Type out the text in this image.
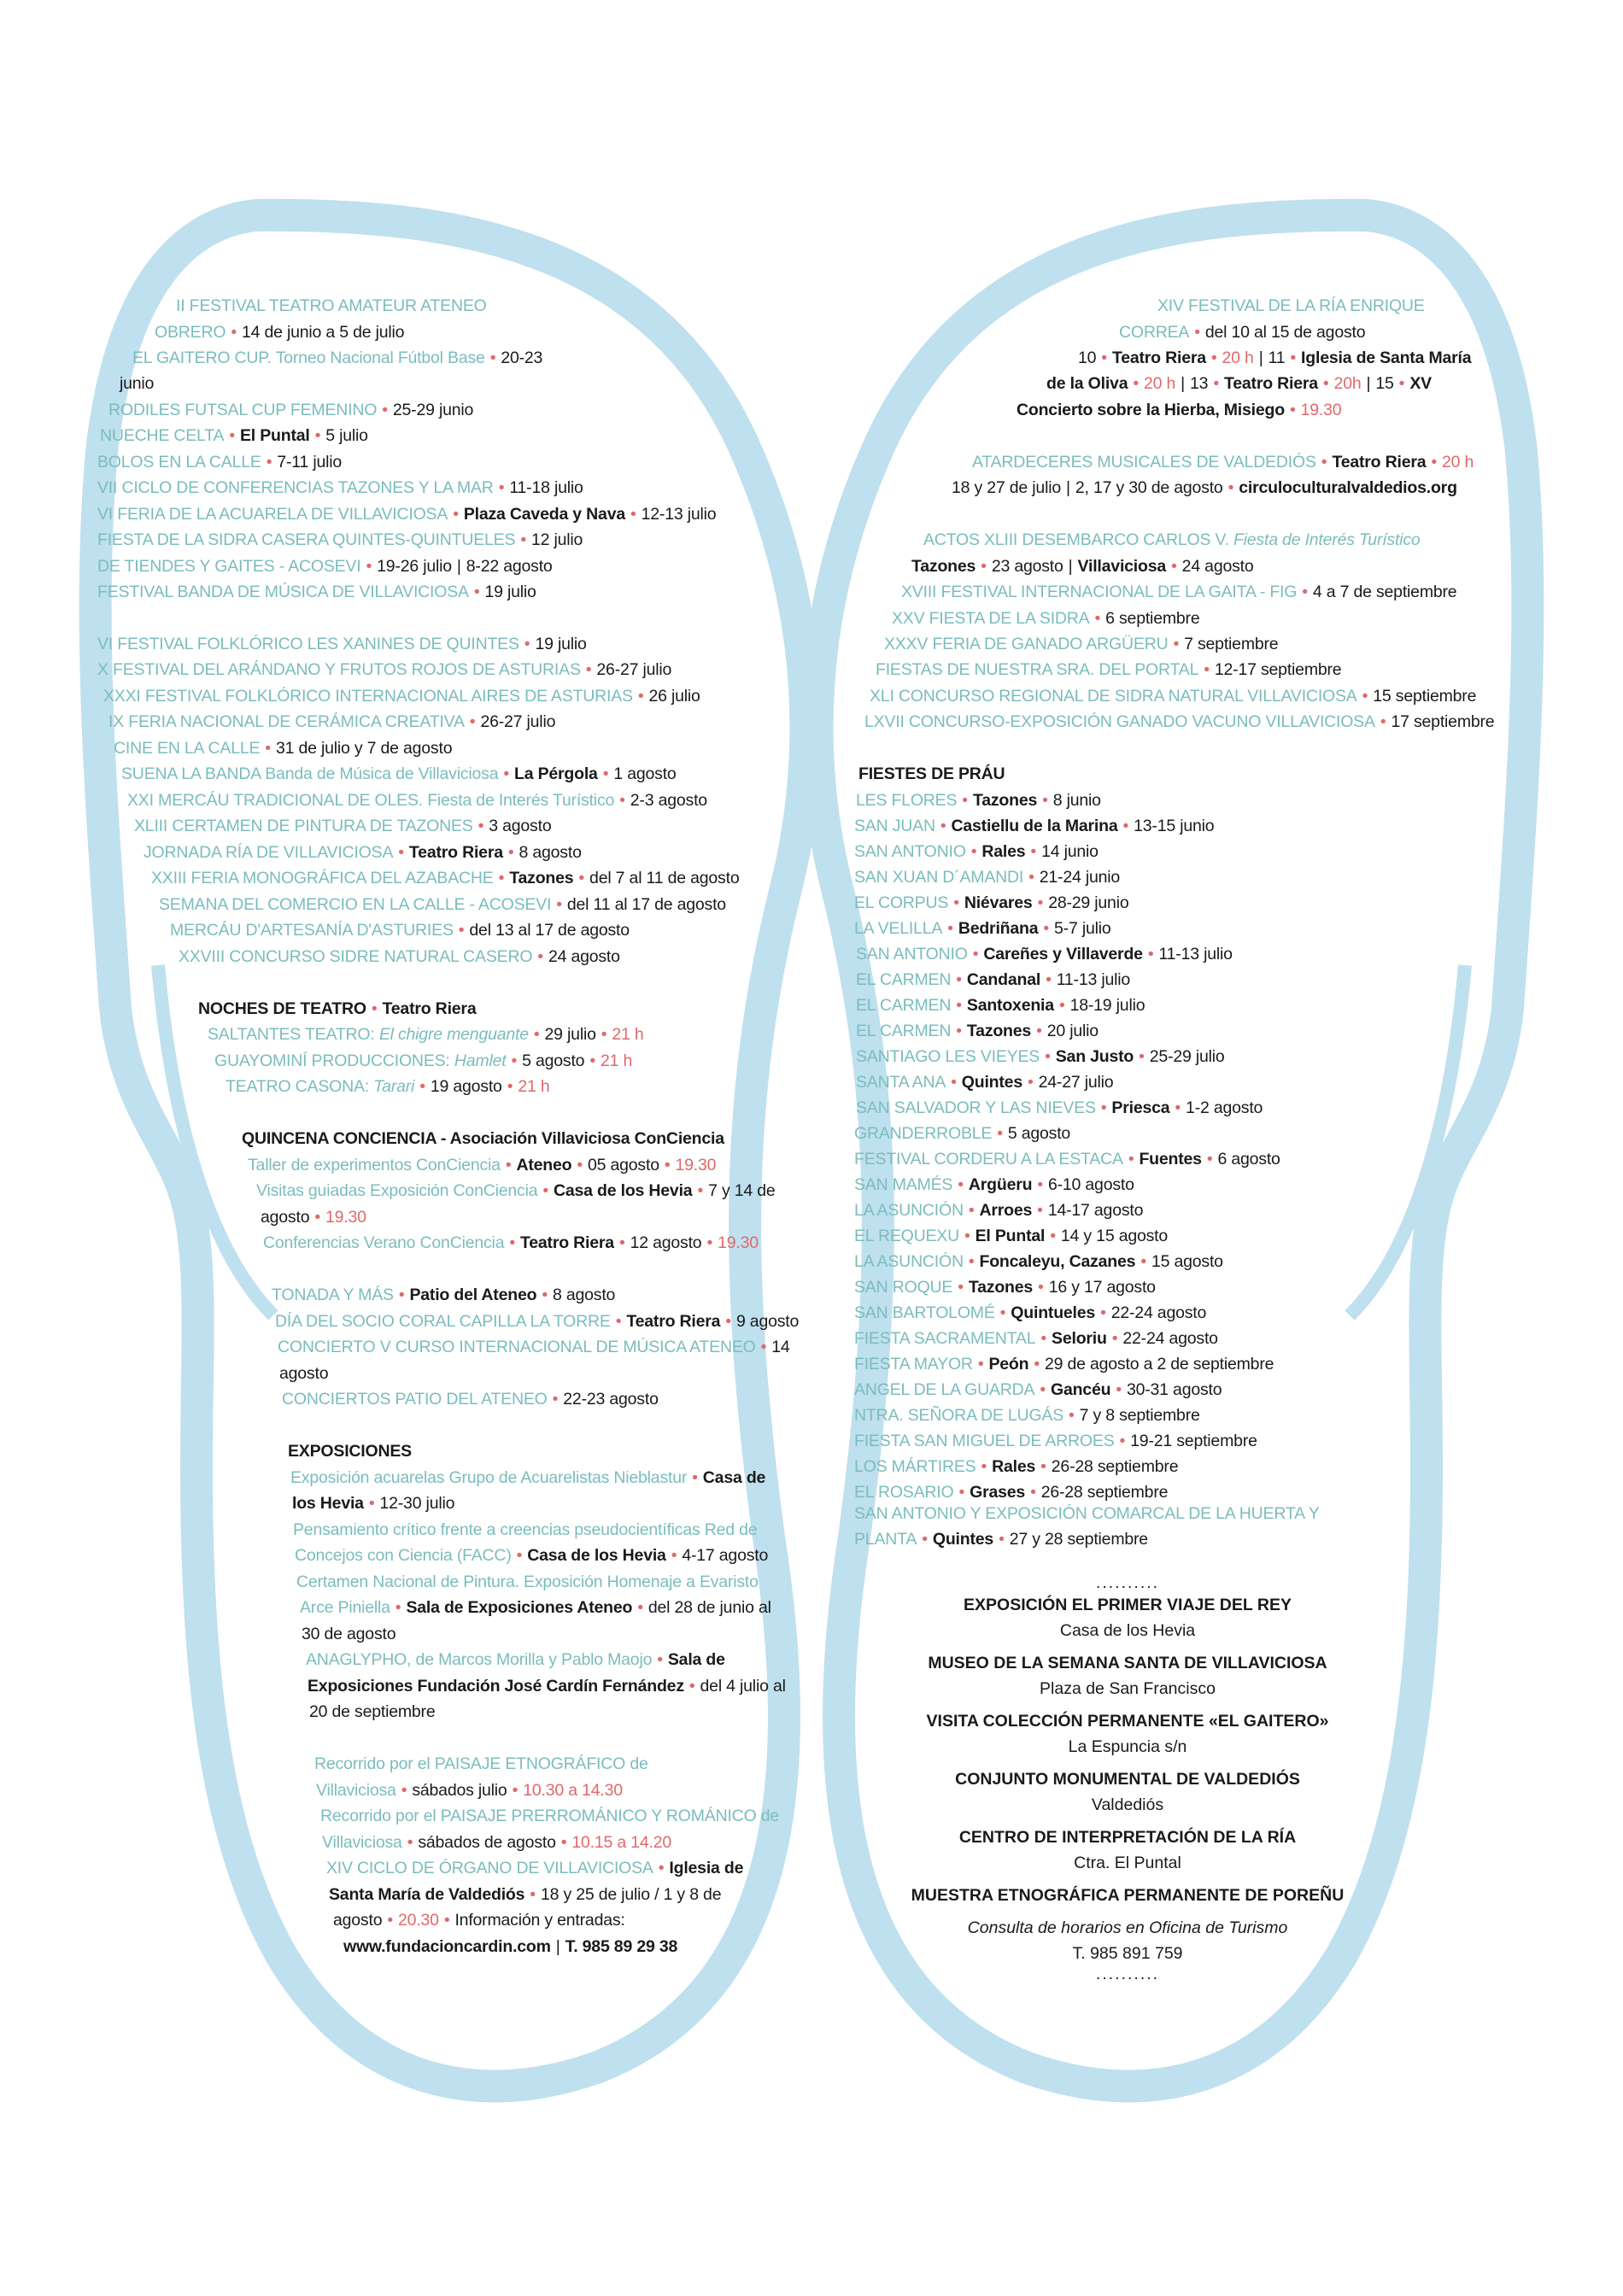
II FESTIVAL TEATRO AMATEUR ATENEO
OBRERO • 14 de junio a 5 de julio
EL GAITERO CUP. Torneo Nacional Fútbol Base • 20-23
junio
RODILES FUTSAL CUP FEMENINO • 25-29 junio
NUECHE CELTA • El Puntal • 5 julio
BOLOS EN LA CALLE • 7-11 julio
VII CICLO DE CONFERENCIAS TAZONES Y LA MAR • 11-18 julio
VI FERIA DE LA ACUARELA DE VILLAVICIOSA • Plaza Caveda y Nava • 12-13 julio
FIESTA DE LA SIDRA CASERA QUINTES-QUINTUELES • 12 julio
DE TIENDES Y GAITES - ACOSEVI • 19-26 julio | 8-22 agosto
FESTIVAL BANDA DE MÚSICA DE VILLAVICIOSA • 19 julio
VI FESTIVAL FOLKLÓRICO LES XANINES DE QUINTES • 19 julio
X FESTIVAL DEL ARÁNDANO Y FRUTOS ROJOS DE ASTURIAS • 26-27 julio
XXXI FESTIVAL FOLKLÓRICO INTERNACIONAL AIRES DE ASTURIAS • 26 julio
IX FERIA NACIONAL DE CERÁMICA CREATIVA • 26-27 julio
CINE EN LA CALLE • 31 de julio y 7 de agosto
SUENA LA BANDA Banda de Música de Villaviciosa • La Pérgola • 1 agosto
XXI MERCÁU TRADICIONAL DE OLES. Fiesta de Interés Turístico • 2-3 agosto
XLIII CERTAMEN DE PINTURA DE TAZONES • 3 agosto
JORNADA RÍA DE VILLAVICIOSA • Teatro Riera • 8 agosto
XXIII FERIA MONOGRÁFICA DEL AZABACHE • Tazones • del 7 al 11 de agosto
SEMANA DEL COMERCIO EN LA CALLE - ACOSEVI • del 11 al 17 de agosto
MERCÁU D'ARTESANÍA D'ASTURIES • del 13 al 17 de agosto
XXVIII CONCURSO SIDRE NATURAL CASERO • 24 agosto
NOCHES DE TEATRO • Teatro Riera
SALTANTES TEATRO: El chigre menguante • 29 julio • 21 h
GUAYOMINÍ PRODUCCIONES: Hamlet • 5 agosto • 21 h
TEATRO CASONA: Tarari • 19 agosto • 21 h
QUINCENA CONCIENCIA - Asociación Villaviciosa ConCiencia
Taller de experimentos ConCiencia • Ateneo • 05 agosto • 19.30
Visitas guiadas Exposición ConCiencia • Casa de los Hevia • 7 y 14 de
agosto • 19.30
Conferencias Verano ConCiencia • Teatro Riera • 12 agosto • 19.30
TONADA Y MÁS • Patio del Ateneo • 8 agosto
DÍA DEL SOCIO CORAL CAPILLA LA TORRE • Teatro Riera • 9 agosto
CONCIERTO V CURSO INTERNACIONAL DE MÚSICA ATENEO • 14
agosto
CONCIERTOS PATIO DEL ATENEO • 22-23 agosto
EXPOSICIONES
Exposición acuarelas Grupo de Acuarelistas Nieblastur • Casa de
los Hevia • 12-30 julio
Pensamiento crítico frente a creencias pseudocientíficas Red de
Concejos con Ciencia (FACC) • Casa de los Hevia • 4-17 agosto
Certamen Nacional de Pintura. Exposición Homenaje a Evaristo
Arce Piniella • Sala de Exposiciones Ateneo • del 28 de junio al
30 de agosto
ANAGLYPHO, de Marcos Morilla y Pablo Maojo • Sala de
Exposiciones Fundación José Cardín Fernández • del 4 julio al
20 de septiembre
Recorrido por el PAISAJE ETNOGRÁFICO de
Villaviciosa • sábados julio • 10.30 a 14.30
Recorrido por el PAISAJE PRERROMÁNICO Y ROMÁNICO de
Villaviciosa • sábados de agosto • 10.15 a 14.20
XIV CICLO DE ÓRGANO DE VILLAVICIOSA • Iglesia de
Santa María de Valdediós • 18 y 25 de julio / 1 y 8 de
agosto • 20.30 • Información y entradas:
www.fundacioncardin.com | T. 985 89 29 38
XIV FESTIVAL DE LA RÍA ENRIQUE
CORREA • del 10 al 15 de agosto
10 • Teatro Riera • 20 h | 11 • Iglesia de Santa María
de la Oliva • 20 h | 13 • Teatro Riera • 20h | 15 • XV
Concierto sobre la Hierba, Misiego • 19.30
ATARDECERES MUSICALES DE VALDEDIÓS • Teatro Riera • 20 h
18 y 27 de julio | 2, 17 y 30 de agosto • circuloculturalvaldedios.org
ACTOS XLIII DESEMBARCO CARLOS V. Fiesta de Interés Turístico
Tazones • 23 agosto | Villaviciosa • 24 agosto
XVIII FESTIVAL INTERNACIONAL DE LA GAITA - FIG • 4 a 7 de septiembre
XXV FIESTA DE LA SIDRA • 6 septiembre
XXXV FERIA DE GANADO ARGÜERU • 7 septiembre
FIESTAS DE NUESTRA SRA. DEL PORTAL • 12-17 septiembre
XLI CONCURSO REGIONAL DE SIDRA NATURAL VILLAVICIOSA • 15 septiembre
LXVII CONCURSO-EXPOSICIÓN GANADO VACUNO VILLAVICIOSA • 17 septiembre
FIESTES DE PRÁU
LES FLORES • Tazones • 8 junio
SAN JUAN • Castiellu de la Marina • 13-15 junio
SAN ANTONIO • Rales • 14 junio
SAN XUAN D´AMANDI • 21-24 junio
EL CORPUS • Niévares • 28-29 junio
LA VELILLA • Bedriñana • 5-7 julio
SAN ANTONIO • Careñes y Villaverde • 11-13 julio
EL CARMEN • Candanal • 11-13 julio
EL CARMEN • Santoxenia • 18-19 julio
EL CARMEN • Tazones • 20 julio
SANTIAGO LES VIEYES • San Justo • 25-29 julio
SANTA ANA • Quintes • 24-27 julio
SAN SALVADOR Y LAS NIEVES • Priesca • 1-2 agosto
GRANDERROBLE • 5 agosto
FESTIVAL CORDERU A LA ESTACA • Fuentes • 6 agosto
SAN MAMÉS • Argüeru • 6-10 agosto
LA ASUNCIÓN • Arroes • 14-17 agosto
EL REQUEXU • El Puntal • 14 y 15 agosto
LA ASUNCIÓN • Foncaleyu, Cazanes • 15 agosto
SAN ROQUE • Tazones • 16 y 17 agosto
SAN BARTOLOMÉ • Quintueles • 22-24 agosto
FIESTA SACRAMENTAL • Seloriu • 22-24 agosto
FIESTA MAYOR • Peón • 29 de agosto a 2 de septiembre
ANGEL DE LA GUARDA • Gancéu • 30-31 agosto
NTRA. SEÑORA DE LUGÁS • 7 y 8 septiembre
FIESTA SAN MIGUEL DE ARROES • 19-21 septiembre
LOS MÁRTIRES • Rales • 26-28 septiembre
EL ROSARIO • Grases • 26-28 septiembre
SAN ANTONIO Y EXPOSICIÓN COMARCAL DE LA HUERTA Y
PLANTA • Quintes • 27 y 28 septiembre
..........
EXPOSICIÓN EL PRIMER VIAJE DEL REY
Casa de los Hevia
MUSEO DE LA SEMANA SANTA DE VILLAVICIOSA
Plaza de San Francisco
VISITA COLECCIÓN PERMANENTE «EL GAITERO»
La Espuncia s/n
CONJUNTO MONUMENTAL DE VALDEDIÓS
Valdediós
CENTRO DE INTERPRETACIÓN DE LA RÍA
Ctra. El Puntal
MUESTRA ETNOGRÁFICA PERMANENTE DE POREÑU
Consulta de horarios en Oficina de Turismo
T. 985 891 759
..........
